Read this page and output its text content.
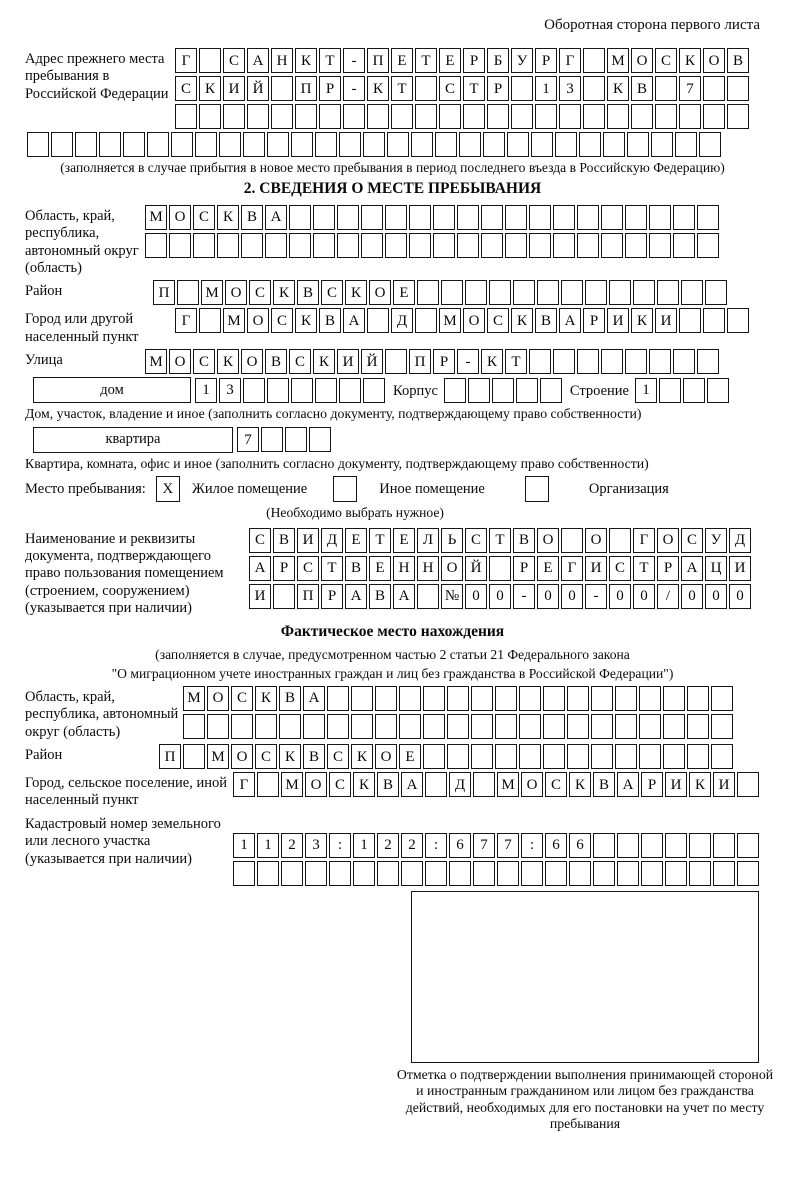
Оборотная сторона первого листа
Адрес прежнего места пребывания в Российской Федерации
Г	С А Н К Т	-	П Е Т Е	Р	Б У Р	Г	М О С К О В
С К И Й	П Р	-	К Т	С Т	Р	1	3	К В	7
(заполняется в случае прибытия в новое место пребывания в период последнего въезда в Российскую Федерацию)
2. СВЕДЕНИЯ О МЕСТЕ ПРЕБЫВАНИЯ
Область, край, республика, автономный округ (область)
М О С К В А
Район	П	М О С К В С К О Е
Город или другой населенный пункт
Г	М О С К В А	Д	М О С К В А Р И К И
Улица	М О С К О В С К И Й	П Р	-	К Т
дом	1	3	Корпус	Строение 1
Дом, участок, владение и иное (заполнить согласно документу, подтверждающему право собственности)
квартира	7
Квартира, комната, офис и иное (заполнить согласно документу, подтверждающему право собственности)
Место пребывания:	X	Жилое помещение	Иное помещение	Организация
(Необходимо выбрать нужное)
Наименование и реквизиты документа, подтверждающего право пользования помещением (строением, сооружением) (указывается при наличии)
С В И Д Е Т Е Л Ь С Т В О	О	Г О С У Д
А Р С Т В Е Н Н О Й	Р	Е	Г И С Т	Р А Ц И
И	П Р А В А	№ 0	0	-	0	0	-	0	0	/	0	0	0
Фактическое место нахождения
(заполняется в случае, предусмотренном частью 2 статьи 21 Федерального закона
"О миграционном учете иностранных граждан и лиц без гражданства в Российской Федерации")
Область, край, республика, автономный округ (область)
М О С К В А
Район	П	М О С К В С К О Е
Город, сельское поселение, иной населенный пункт
Г	М О С К В А	Д	М О С К В А Р И К И
Кадастровый номер земельного или лесного участка (указывается при наличии)
1	1	2	3	:	1	2	2	:	6	7	7	:	6	6
Отметка о подтверждении выполнения принимающей стороной и иностранным гражданином или лицом без гражданства действий, необходимых для его постановки на учет по месту пребывания
